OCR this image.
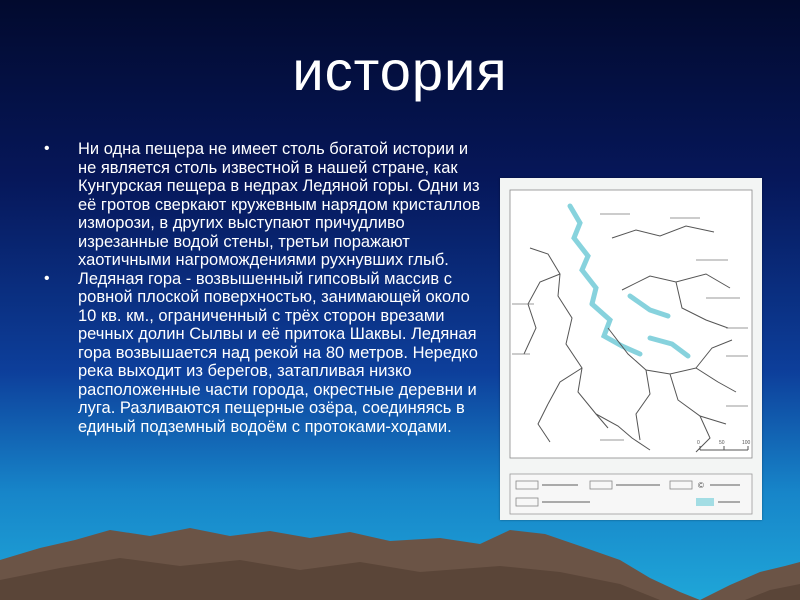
история
• Ни одна пещера не имеет столь богатой истории и не является столь известной в нашей стране, как Кунгурская пещера в недрах Ледяной горы. Одни из её гротов сверкают кружевным нарядом кристаллов изморози, в других выступают причудливо изрезанные водой стены, третьи поражают хаотичными нагромождениями рухнувших глыб.
• Ледяная гора - возвышенный гипсовый массив с ровной плоской поверхностью, занимающей около 10 кв. км., ограниченный с трёх сторон врезами речных долин Сылвы и её притока Шаквы. Ледяная гора возвышается над рекой на 80 метров. Нередко река выходит из берегов, затапливая низко расположенные части города, окрестные деревни и луга. Разливаются пещерные озёра, соединяясь в единый подземный водоём с протоками-ходами.
0	50	100
©
